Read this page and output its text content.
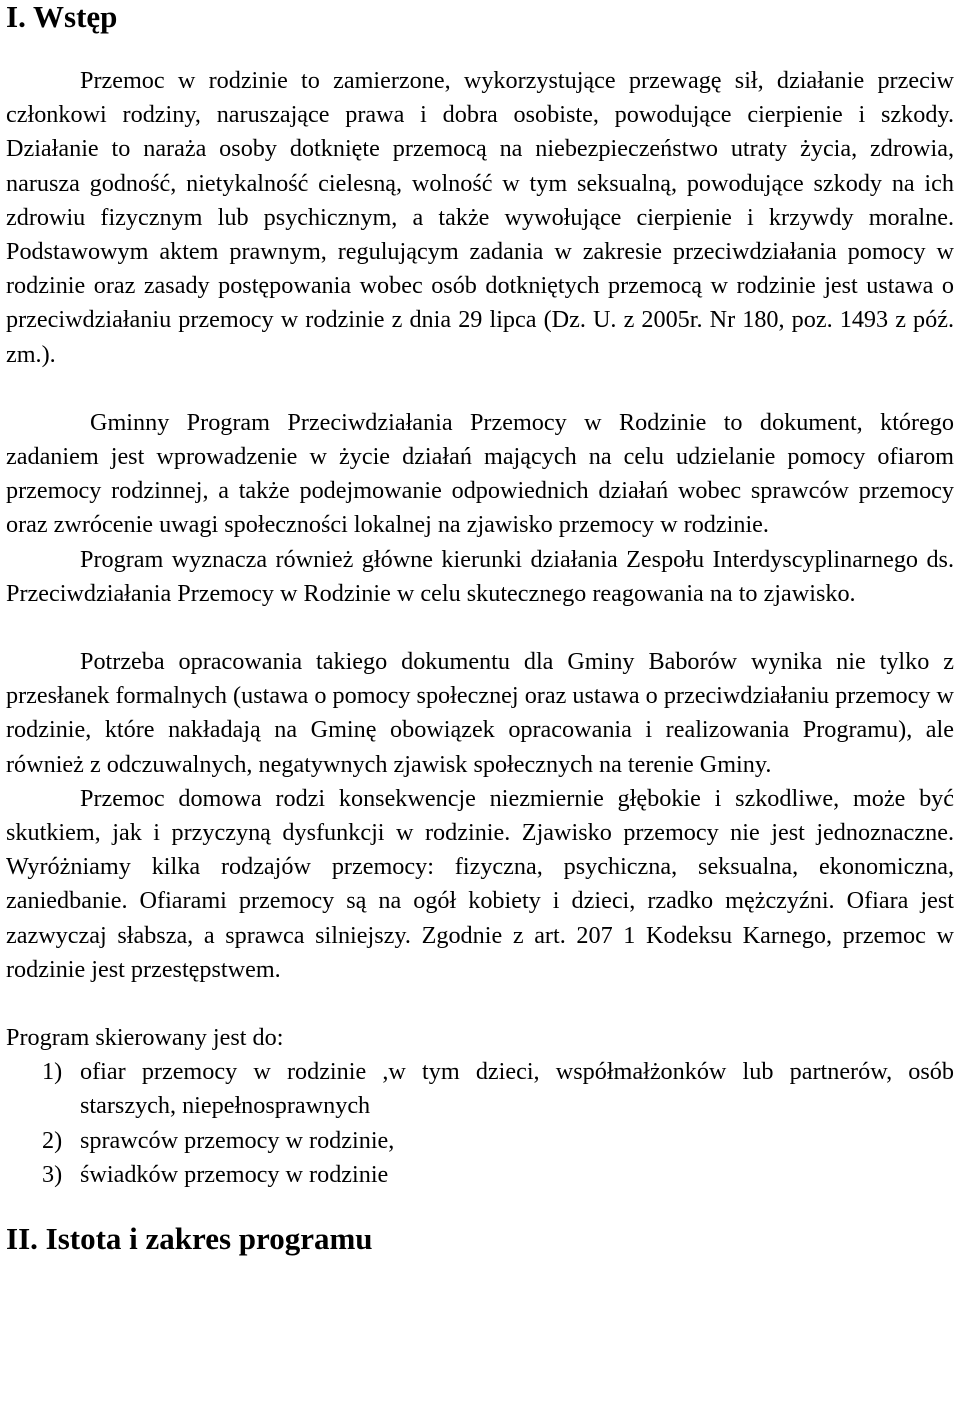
I. Wstęp

Przemoc w rodzinie to zamierzone, wykorzystujące przewagę sił, działanie przeciw członkowi rodziny, naruszające prawa i dobra osobiste, powodujące cierpienie i szkody. Działanie to naraża osoby dotknięte przemocą na niebezpieczeństwo utraty życia, zdrowia, narusza godność, nietykalność cielesną, wolność w tym seksualną, powodujące szkody na ich zdrowiu fizycznym lub psychicznym, a także wywołujące cierpienie i krzywdy moralne. Podstawowym aktem prawnym, regulującym zadania w zakresie przeciwdziałania pomocy w rodzinie oraz zasady postępowania wobec osób dotkniętych przemocą w rodzinie jest ustawa o przeciwdziałaniu przemocy w rodzinie z dnia 29 lipca (Dz. U. z 2005r. Nr 180, poz. 1493 z póź. zm.).

Gminny Program Przeciwdziałania Przemocy w Rodzinie to dokument, którego zadaniem jest wprowadzenie w życie działań mających na celu udzielanie pomocy ofiarom przemocy rodzinnej, a także podejmowanie odpowiednich działań wobec sprawców przemocy oraz zwrócenie uwagi społeczności lokalnej na zjawisko przemocy w rodzinie.

Program wyznacza również główne kierunki działania Zespołu Interdyscyplinarnego ds. Przeciwdziałania Przemocy w Rodzinie w celu skutecznego reagowania na to zjawisko.

Potrzeba opracowania takiego dokumentu dla Gminy Baborów wynika nie tylko z przesłanek formalnych (ustawa o pomocy społecznej oraz ustawa o przeciwdziałaniu przemocy w rodzinie, które nakładają na Gminę obowiązek opracowania i realizowania Programu), ale również z odczuwalnych, negatywnych zjawisk społecznych na terenie Gminy.

Przemoc domowa rodzi konsekwencje niezmiernie głębokie i szkodliwe, może być skutkiem, jak i przyczyną dysfunkcji w rodzinie. Zjawisko przemocy nie jest jednoznaczne. Wyróżniamy kilka rodzajów przemocy: fizyczna, psychiczna, seksualna, ekonomiczna, zaniedbanie. Ofiarami przemocy są na ogół kobiety i dzieci, rzadko mężczyźni. Ofiara jest zazwyczaj słabsza, a sprawca silniejszy. Zgodnie z art. 207 1 Kodeksu Karnego, przemoc w rodzinie jest przestępstwem.

Program skierowany jest do:

1) ofiar przemocy w rodzinie ,w tym dzieci, współmałżonków lub partnerów, osób starszych, niepełnosprawnych
2) sprawców przemocy w rodzinie,
3) świadków przemocy w rodzinie
II. Istota i zakres programu
